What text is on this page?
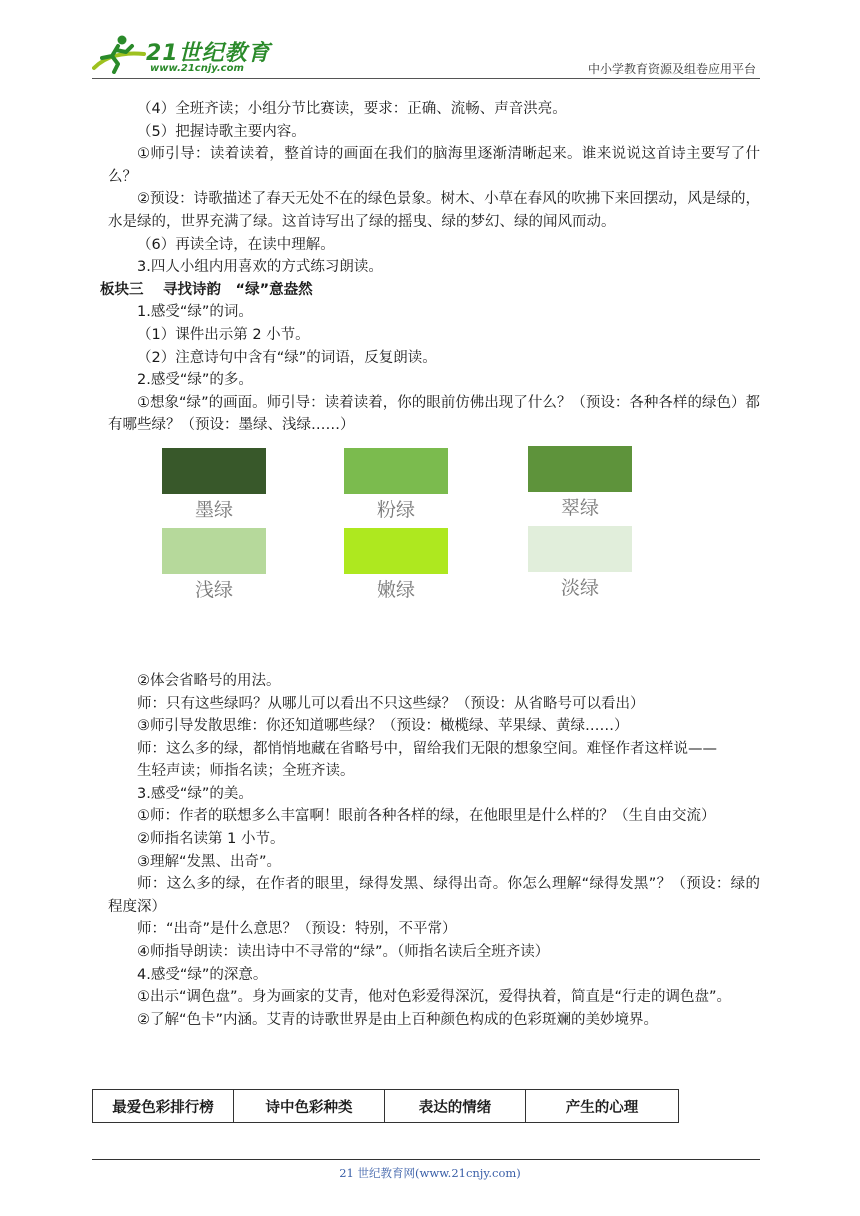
21世纪教育
www.21cnjy.com	中小学教育资源及组卷应用平台

（4）全班齐读；小组分节比赛读，要求：正确、流畅、声音洪亮。

（5）把握诗歌主要内容。

①师引导：读着读着，整首诗的画面在我们的脑海里逐渐清晰起来。谁来说说这首诗主要写了什么？

②预设：诗歌描述了春天无处不在的绿色景象。树木、小草在春风的吹拂下来回摆动，风是绿的，水是绿的，世界充满了绿。这首诗写出了绿的摇曳、绿的梦幻、绿的闻风而动。

（6）再读全诗，在读中理解。

3.四人小组内用喜欢的方式练习朗读。

板块三　 寻找诗韵　“绿”意盎然

1.感受“绿”的词。

（1）课件出示第 2 小节。

（2）注意诗句中含有“绿”的词语，反复朗读。

2.感受“绿”的多。

①想象“绿”的画面。师引导：读着读着，你的眼前仿佛出现了什么？（预设：各种各样的绿色）都有哪些绿？（预设：墨绿、浅绿……）

墨绿	粉绿	翠绿
浅绿	嫩绿	淡绿

②体会省略号的用法。

师：只有这些绿吗？从哪儿可以看出不只这些绿？（预设：从省略号可以看出）

③师引导发散思维：你还知道哪些绿？（预设：橄榄绿、苹果绿、黄绿……）

师：这么多的绿，都悄悄地藏在省略号中，留给我们无限的想象空间。难怪作者这样说——

生轻声读；师指名读；全班齐读。

3.感受“绿”的美。

①师：作者的联想多么丰富啊！眼前各种各样的绿，在他眼里是什么样的？（生自由交流）

②师指名读第 1 小节。

③理解“发黑、出奇”。

师：这么多的绿，在作者的眼里，绿得发黑、绿得出奇。你怎么理解“绿得发黑”？（预设：绿的程度深）

师：“出奇”是什么意思？（预设：特别，不平常）

④师指导朗读：读出诗中不寻常的“绿”。（师指名读后全班齐读）

4.感受“绿”的深意。

①出示“调色盘”。身为画家的艾青，他对色彩爱得深沉，爱得执着，简直是“行走的调色盘”。

②了解“色卡”内涵。艾青的诗歌世界是由上百种颜色构成的色彩斑斓的美妙境界。

最爱色彩排行榜	诗中色彩种类	表达的情绪	产生的心理
21 世纪教育网(www.21cnjy.com)
